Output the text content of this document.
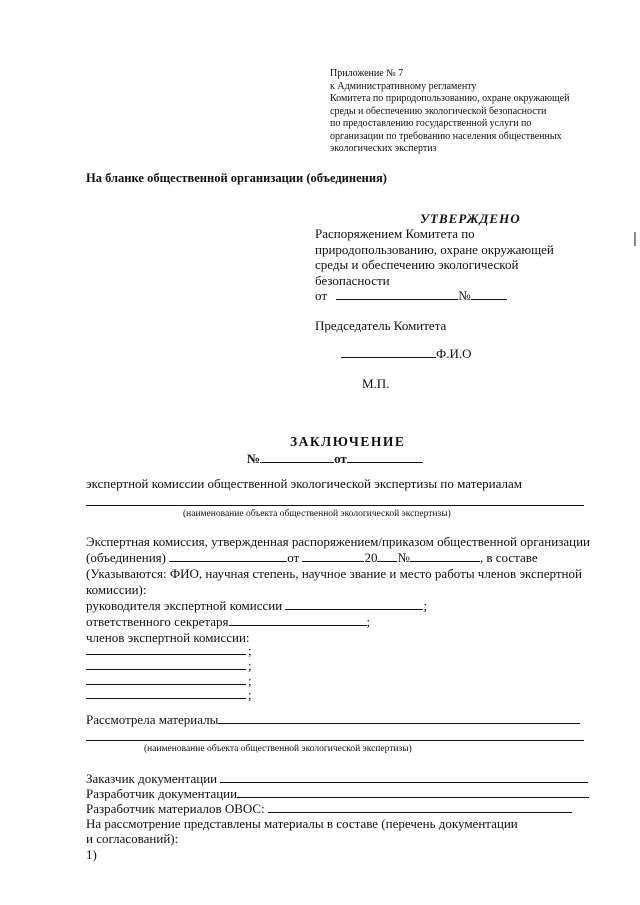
Приложение № 7
к Административному регламенту
Комитета по природопользованию, охране окружающей
среды и обеспечению экологической безопасности
по предоставлению государственной услуги по
организации по требованию населения общественных
экологических экспертиз
На бланке общественной организации (объединения)
УТВЕРЖДЕНО
Распоряжением Комитета по
природопользованию, охране окружающей
среды и обеспечению экологической
безопасности
от	№
Председатель Комитета
Ф.И.О
М.П.
ЗАКЛЮЧЕНИЕ
№	от
экспертной комиссии общественной экологической экспертизы по материалам
(наименование объекта общественной экологической экспертизы)
Экспертная комиссия, утвержденная распоряжением/приказом общественной организации
(объединения)	от	20 №	, в составе
(Указываются: ФИО, научная степень, научное звание и место работы членов экспертной
комиссии):
руководителя экспертной комиссии	;
ответственного секретаря	;
членов экспертной комиссии:
;
;
;
;
Рассмотрела материалы
(наименование объекта общественной экологической экспертизы)
Заказчик документации
Разработчик документации
Разработчик материалов ОВОС:
На рассмотрение представлены материалы в составе (перечень документации
и согласований):
1)
